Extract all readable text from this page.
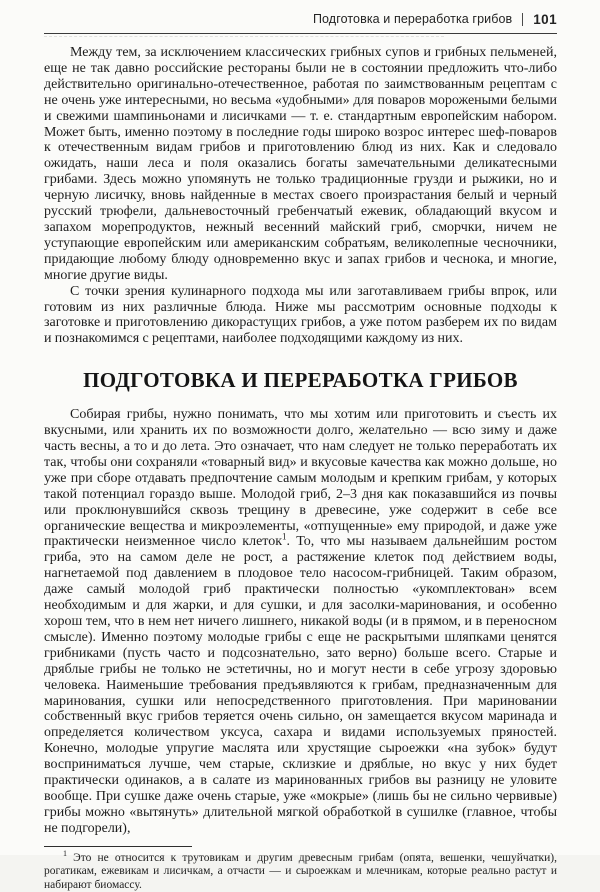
Подготовка и переработка грибов 101

Между тем, за исключением классических грибных супов и грибных пельменей, еще не так давно российские рестораны были не в состоянии предложить что-либо действительно оригинально-отечественное, работая по заимствованным рецептам с не очень уже интересными, но весьма «удобными» для поваров морожеными белыми и свежими шампиньонами и лисичками — т. е. стандартным европейским набором. Может быть, именно поэтому в последние годы широко возрос интерес шеф-поваров к отечественным видам грибов и приготовлению блюд из них. Как и следовало ожидать, наши леса и поля оказались богаты замечательными деликатесными грибами. Здесь можно упомянуть не только традиционные грузди и рыжики, но и черную лисичку, вновь найденные в местах своего произрастания белый и черный русский трюфели, дальневосточный гребенчатый ежевик, обладающий вкусом и запахом морепродуктов, нежный весенний майский гриб, сморчки, ничем не уступающие европейским или американским собратьям, великолепные чесночники, придающие любому блюду одновременно вкус и запах грибов и чеснока, и многие, многие другие виды.

С точки зрения кулинарного подхода мы или заготавливаем грибы впрок, или готовим из них различные блюда. Ниже мы рассмотрим основные подходы к заготовке и приготовлению дикорастущих грибов, а уже потом разберем их по видам и познакомимся с рецептами, наиболее подходящими каждому из них.

ПОДГОТОВКА И ПЕРЕРАБОТКА ГРИБОВ

Собирая грибы, нужно понимать, что мы хотим или приготовить и съесть их вкусными, или хранить их по возможности долго, желательно — всю зиму и даже часть весны, а то и до лета. Это означает, что нам следует не только переработать их так, чтобы они сохраняли «товарный вид» и вкусовые качества как можно дольше, но уже при сборе отдавать предпочтение самым молодым и крепким грибам, у которых такой потенциал гораздо выше. Молодой гриб, 2–3 дня как показавшийся из почвы или проклюнувшийся сквозь трещину в древесине, уже содержит в себе все органические вещества и микроэлементы, «отпущенные» ему природой, и даже уже практически неизменное число клеток$^1$. То, что мы называем дальнейшим ростом гриба, это на самом деле не рост, а растяжение клеток под действием воды, нагнетаемой под давлением в плодовое тело насосом-грибницей. Таким образом, даже самый молодой гриб практически полностью «укомплектован» всем необходимым и для жарки, и для сушки, и для засолки-маринования, и особенно хорош тем, что в нем нет ничего лишнего, никакой воды (и в прямом, и в переносном смысле). Именно поэтому молодые грибы с еще не раскрытыми шляпками ценятся грибниками (пусть часто и подсознательно, зато верно) больше всего. Старые и дряблые грибы не только не эстетичны, но и могут нести в себе угрозу здоровью человека. Наименьшие требования предъявляются к грибам, предназначенным для маринования, сушки или непосредственного приготовления. При мариновании собственный вкус грибов теряется очень сильно, он замещается вкусом маринада и определяется количеством уксуса, сахара и видами используемых пряностей. Конечно, молодые упругие маслята или хрустящие сыроежки «на зубок» будут восприниматься лучше, чем старые, склизкие и дряблые, но вкус у них будет практически одинаков, а в салате из маринованных грибов вы разницу не уловите вообще. При сушке даже очень старые, уже «мокрые» (лишь бы не сильно червивые) грибы можно «вытянуть» длительной мягкой обработкой в сушилке (главное, чтобы не подгорели),

$^1$ Это не относится к трутовикам и другим древесным грибам (опята, вешенки, чешуйчатки), рогатикам, ежевикам и лисичкам, а отчасти — и сыроежкам и млечникам, которые реально растут и набирают биомассу.
